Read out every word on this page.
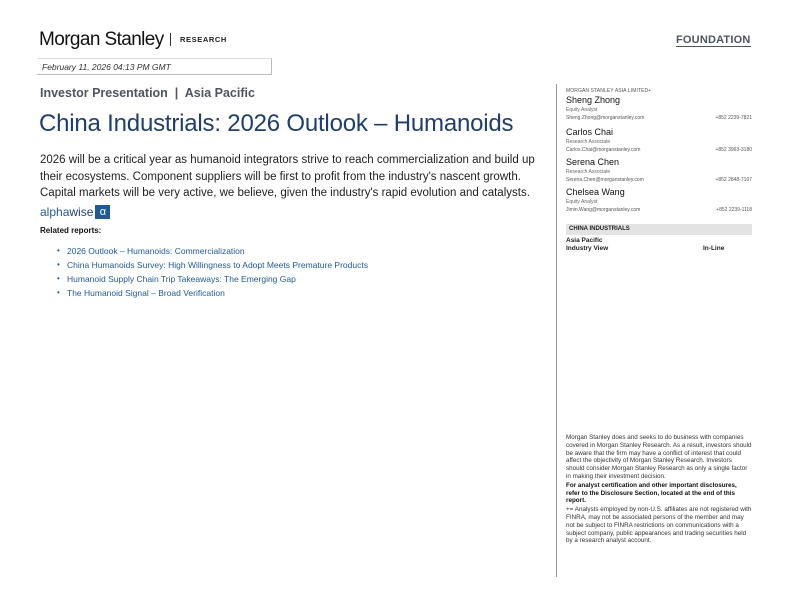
Morgan Stanley RESEARCH	FOUNDATION
February 11, 2026 04:13 PM GMT
Investor Presentation  |  Asia Pacific
China Industrials: 2026 Outlook – Humanoids
2026 will be a critical year as humanoid integrators strive to reach commercialization and build up their ecosystems. Component suppliers will be first to profit from the industry's nascent growth. Capital markets will be very active, we believe, given the industry's rapid evolution and catalysts.
alpha wise α
Related reports:
• 2026 Outlook – Humanoids: Commercialization
• China Humanoids Survey: High Willingness to Adopt Meets Premature Products
• Humanoid Supply Chain Trip Takeaways: The Emerging Gap
• The Humanoid Signal – Broad Verification
MORGAN STANLEY ASIA LIMITED+
Sheng Zhong
Equity Analyst
Sheng.Zhong@morganstanley.com	+852 2239-7821
Carlos Chai
Research Associate
Carlos.Chai@morganstanley.com	+852 3963-3180
Serena Chen
Research Associate
Serena.Chen@morganstanley.com	+852 2848-7107
Chelsea Wang
Equity Analyst
Jimin.Wang@morganstanley.com	+852 2239-1118
CHINA INDUSTRIALS
Asia Pacific
Industry View	In-Line

Morgan Stanley does and seeks to do business with companies covered in Morgan Stanley Research. As a result, investors should be aware that the firm may have a conflict of interest that could affect the objectivity of Morgan Stanley Research. Investors should consider Morgan Stanley Research as only a single factor in making their investment decision.

For analyst certification and other important disclosures, refer to the Disclosure Section, located at the end of this report.

+= Analysts employed by non-U.S. affiliates are not registered with FINRA, may not be associated persons of the member and may not be subject to FINRA restrictions on communications with a subject company, public appearances and trading securities held by a research analyst account.
